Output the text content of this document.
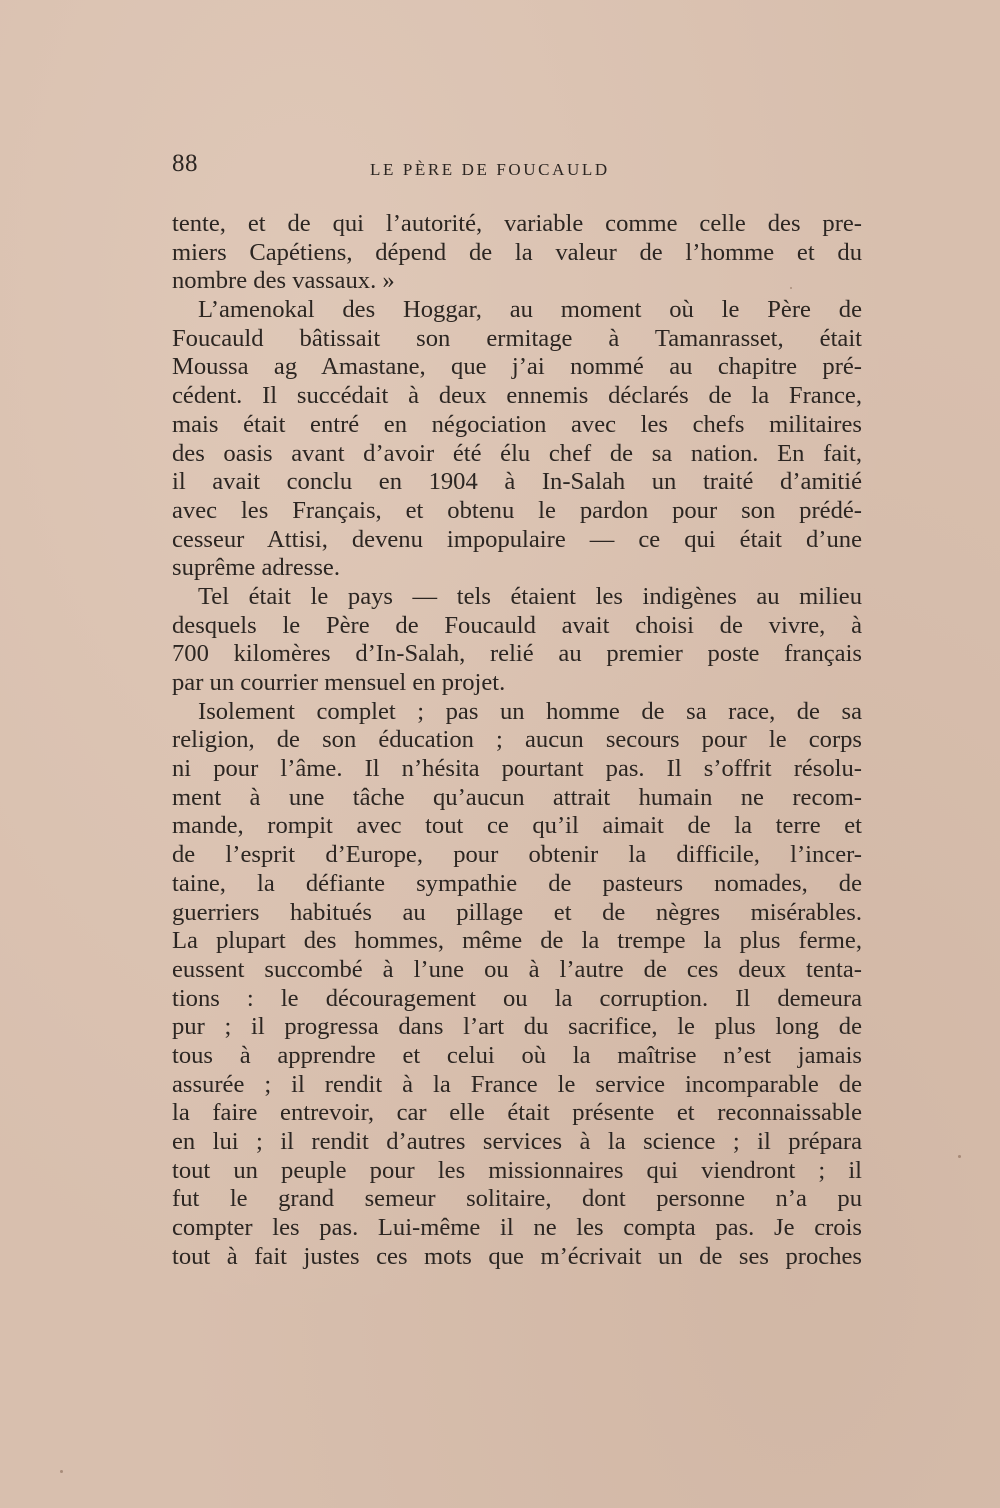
88	LE PÈRE DE FOUCAULD
tente, et de qui l’autorité, variable comme celle des pre-
miers Capétiens, dépend de la valeur de l’homme et du
nombre des vassaux. »
L’amenokal des Hoggar, au moment où le Père de
Foucauld bâtissait son ermitage à Tamanrasset, était
Moussa ag Amastane, que j’ai nommé au chapitre pré-
cédent. Il succédait à deux ennemis déclarés de la France,
mais était entré en négociation avec les chefs militaires
des oasis avant d’avoir été élu chef de sa nation. En fait,
il avait conclu en 1904 à In-Salah un traité d’amitié
avec les Français, et obtenu le pardon pour son prédé-
cesseur Attisi, devenu impopulaire — ce qui était d’une
suprême adresse.
Tel était le pays — tels étaient les indigènes au milieu
desquels le Père de Foucauld avait choisi de vivre, à
700 kilomères d’In-Salah, relié au premier poste français
par un courrier mensuel en projet.
Isolement complet ; pas un homme de sa race, de sa
religion, de son éducation ; aucun secours pour le corps
ni pour l’âme. Il n’hésita pourtant pas. Il s’offrit résolu-
ment à une tâche qu’aucun attrait humain ne recom-
mande, rompit avec tout ce qu’il aimait de la terre et
de l’esprit d’Europe, pour obtenir la difficile, l’incer-
taine, la défiante sympathie de pasteurs nomades, de
guerriers habitués au pillage et de nègres misérables.
La plupart des hommes, même de la trempe la plus ferme,
eussent succombé à l’une ou à l’autre de ces deux tenta-
tions : le découragement ou la corruption. Il demeura
pur ; il progressa dans l’art du sacrifice, le plus long de
tous à apprendre et celui où la maîtrise n’est jamais
assurée ; il rendit à la France le service incomparable de
la faire entrevoir, car elle était présente et reconnaissable
en lui ; il rendit d’autres services à la science ; il prépara
tout un peuple pour les missionnaires qui viendront ; il
fut le grand semeur solitaire, dont personne n’a pu
compter les pas. Lui-même il ne les compta pas. Je crois
tout à fait justes ces mots que m’écrivait un de ses proches
